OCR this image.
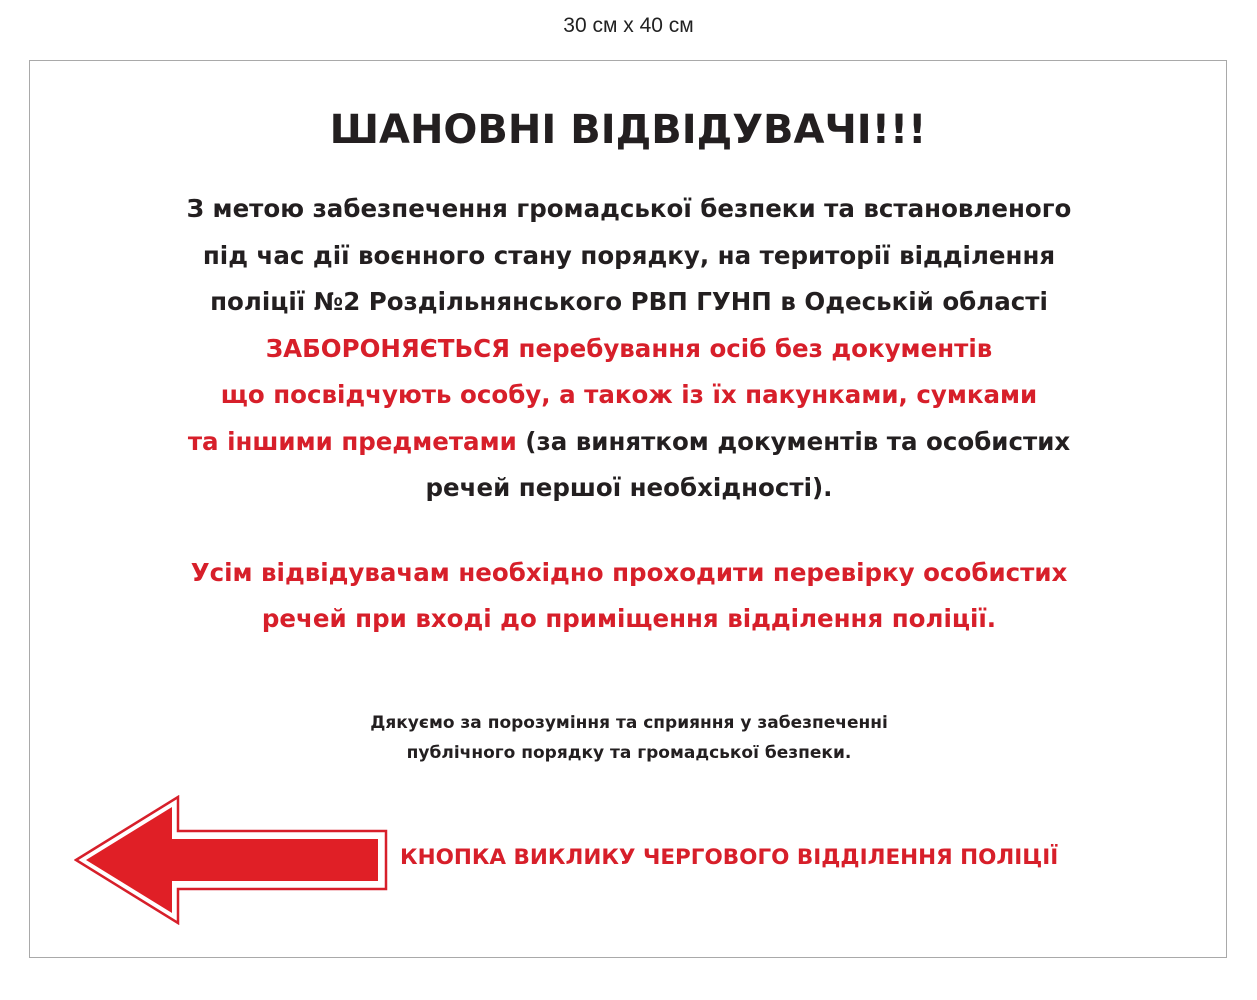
30 см х 40 см
ШАНОВНІ ВІДВІДУВАЧІ!!!
З метою забезпечення громадської безпеки та встановленого
під час дії воєнного стану порядку, на території відділення
поліції №2 Роздільнянського РВП ГУНП в Одеській області
ЗАБОРОНЯЄТЬСЯ перебування осіб без документів
що посвідчують особу, а також із їх пакунками, сумками
та іншими предметами (за винятком документів та особистих
речей першої необхідності).
Усім відвідувачам необхідно проходити перевірку особистих
речей при вході до приміщення відділення поліції.
Дякуємо за порозуміння та сприяння у забезпеченні
публічного порядку та громадської безпеки.
КНОПКА ВИКЛИКУ ЧЕРГОВОГО ВІДДІЛЕННЯ ПОЛІЦІЇ
